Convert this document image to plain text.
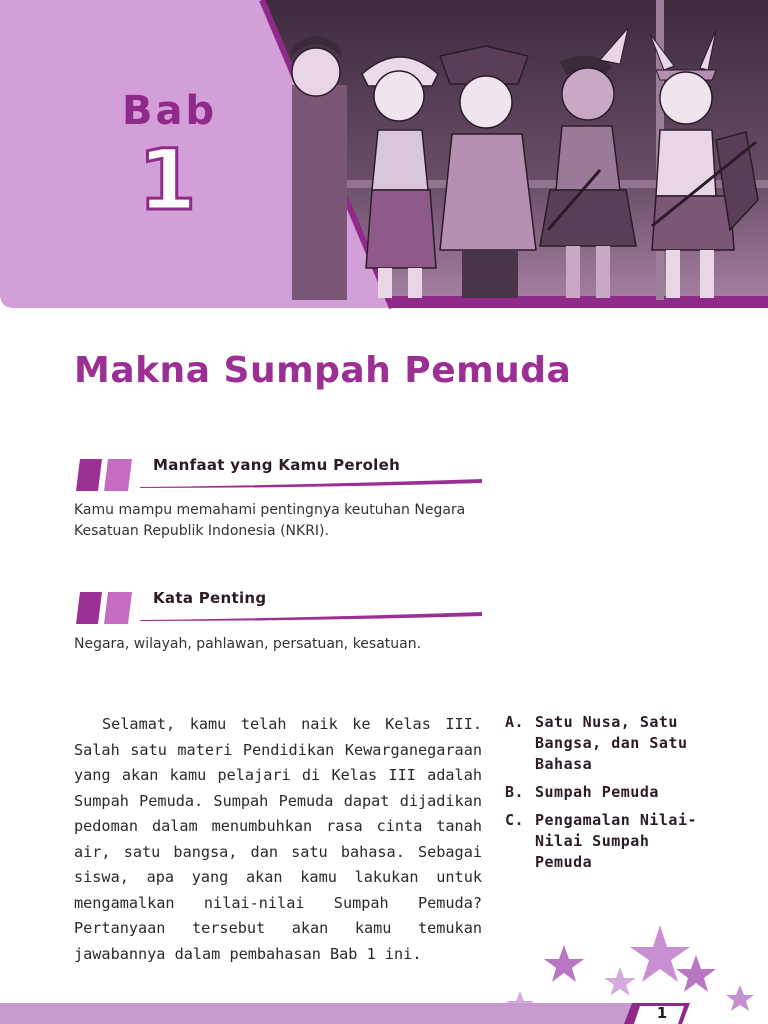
Bab
1
Makna Sumpah Pemuda
Manfaat yang Kamu Peroleh

Kamu mampu memahami pentingnya keutuhan Negara Kesatuan Republik Indonesia (NKRI).

Kata Penting

Negara, wilayah, pahlawan, persatuan, kesatuan.

Selamat, kamu telah naik ke Kelas III. Salah satu materi Pendidikan Kewarganegaraan yang akan kamu pelajari di Kelas III adalah Sumpah Pemuda. Sumpah Pemuda dapat dijadikan pedoman dalam menumbuhkan rasa cinta tanah air, satu bangsa, dan satu bahasa. Sebagai siswa, apa yang akan kamu lakukan untuk mengamalkan nilai-nilai Sumpah Pemuda? Pertanyaan tersebut akan kamu temukan jawabannya dalam pembahasan Bab 1 ini.

A. Satu Nusa, Satu Bangsa, dan Satu Bahasa
B. Sumpah Pemuda
C. Pengamalan Nilai-Nilai Sumpah Pemuda
1
